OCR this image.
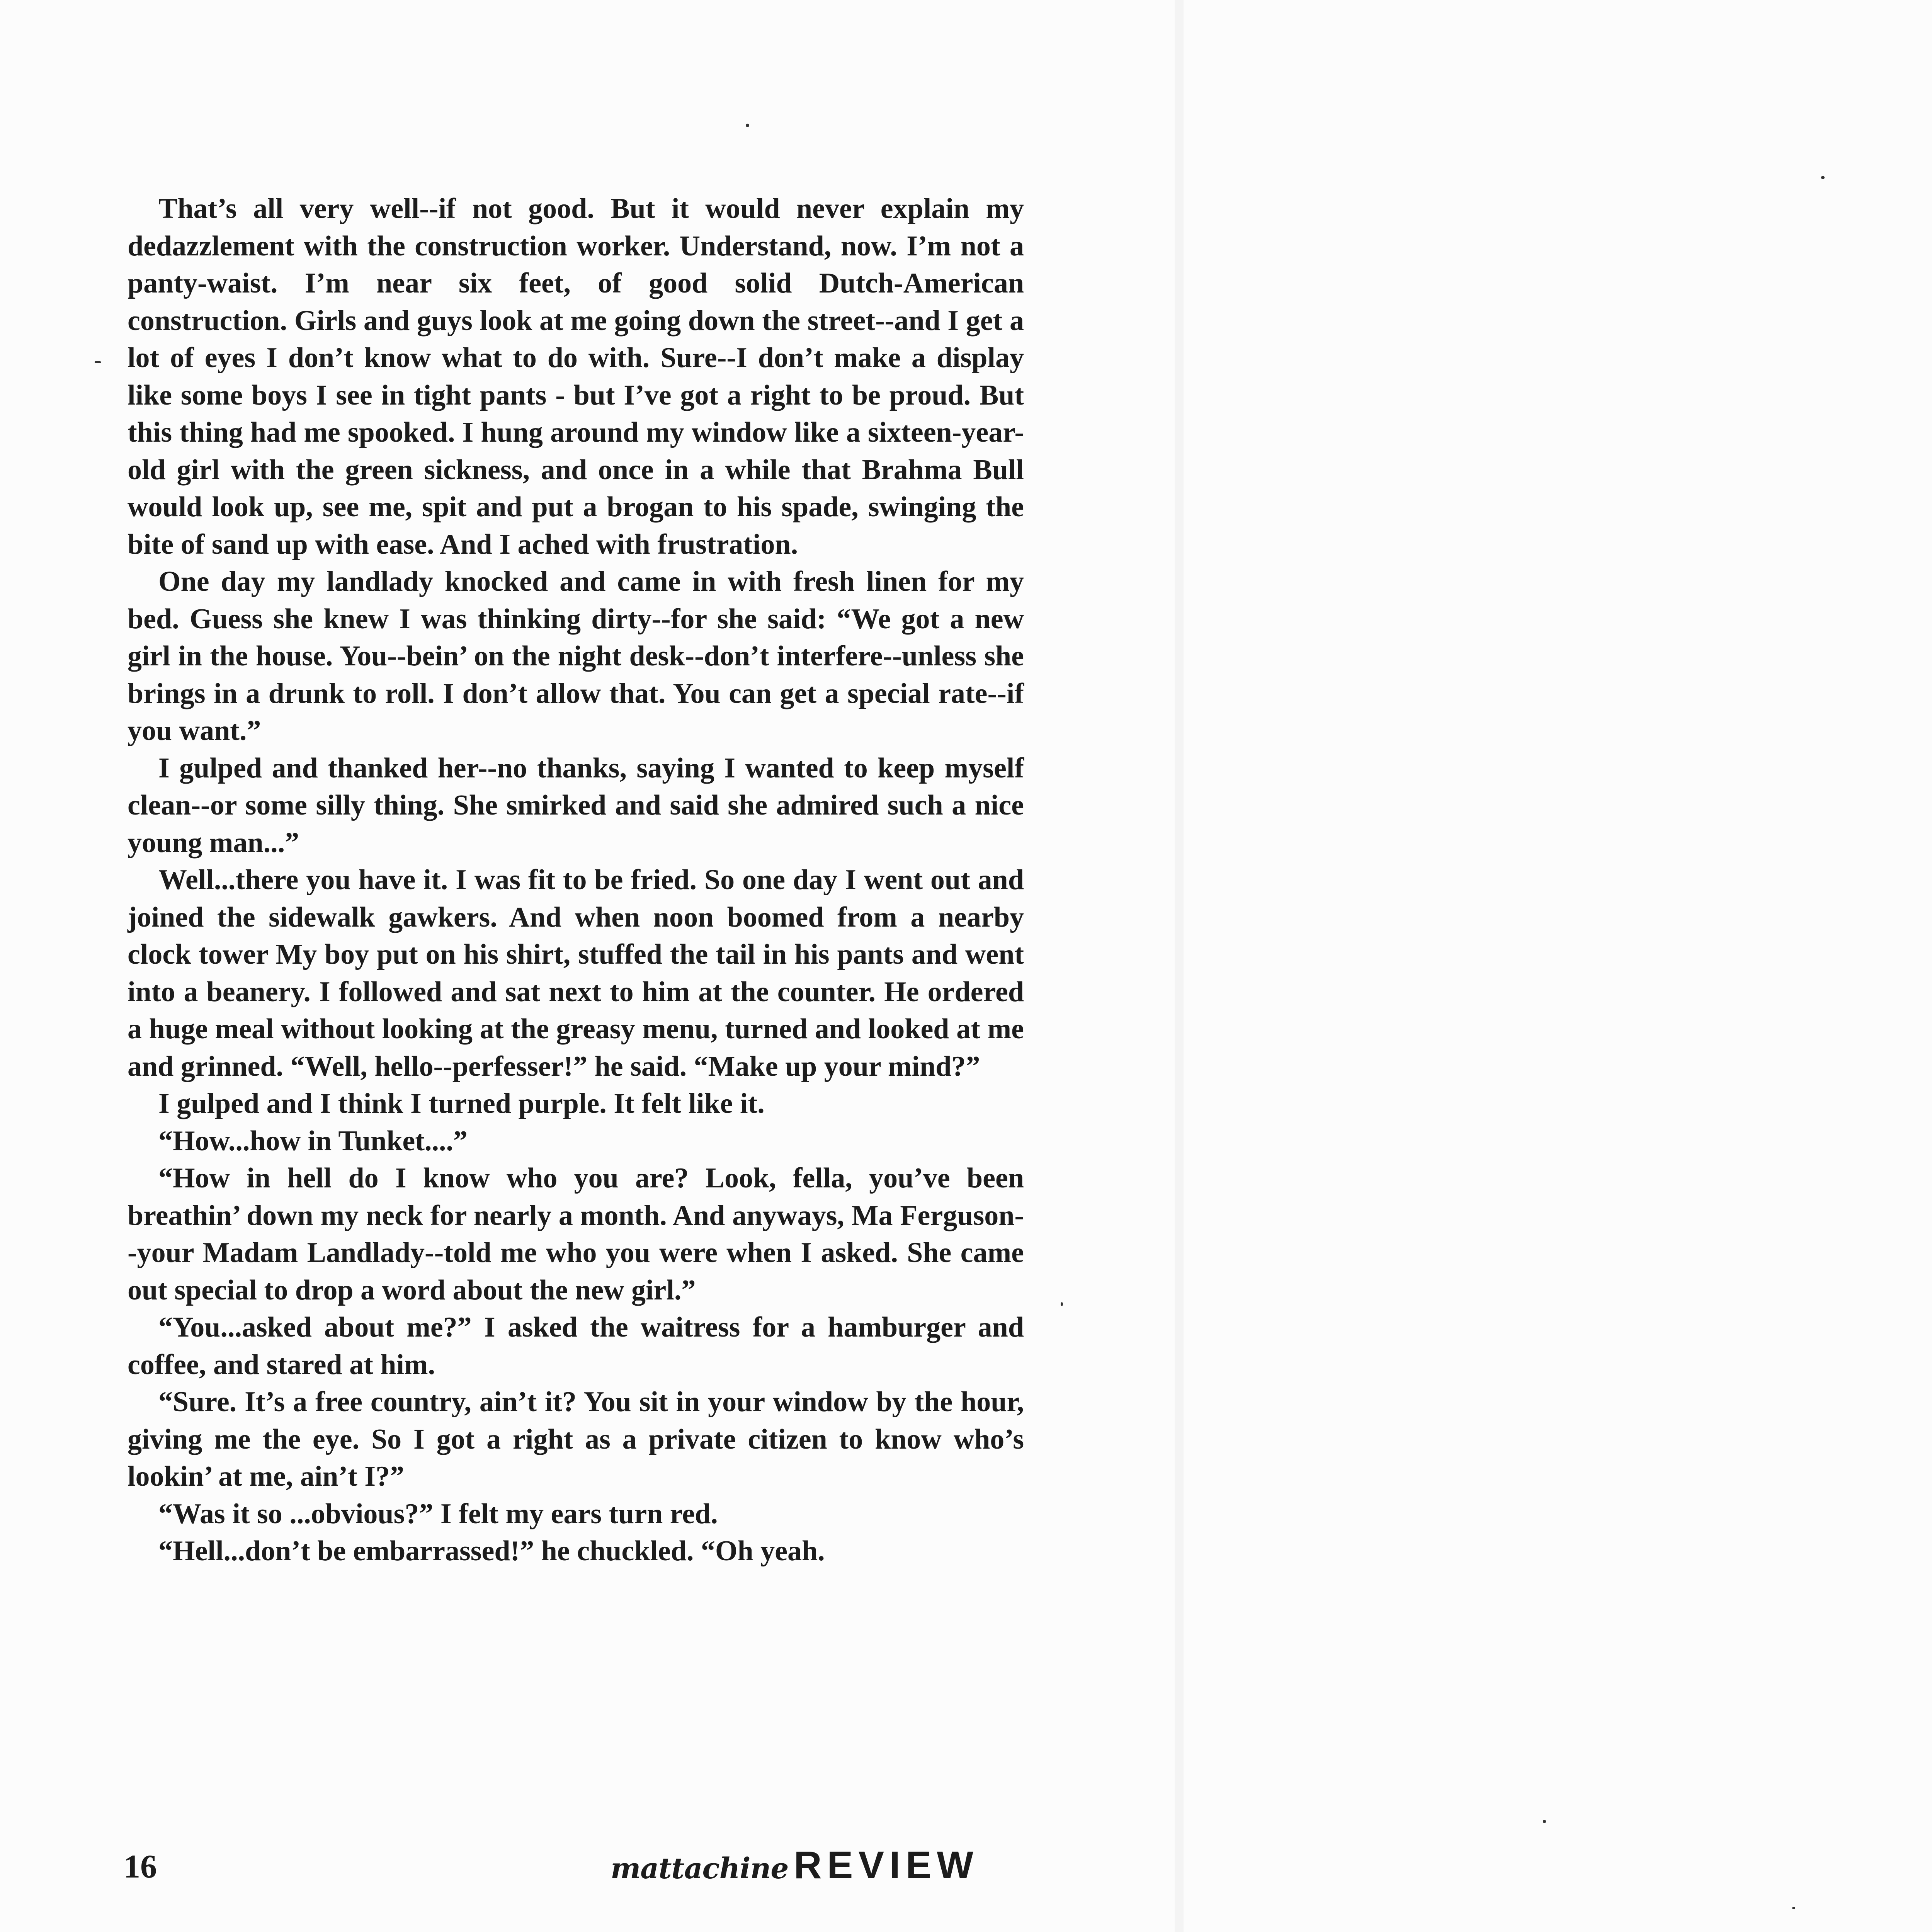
That’s all very well--if not good. But it would never explain my dedazzlement with the construction worker. Understand, now. I’m not a panty-waist. I’m near six feet, of good solid Dutch-American construction. Girls and guys look at me going down the street--and I get a lot of eyes I don’t know what to do with. Sure--I don’t make a display like some boys I see in tight pants - but I’ve got a right to be proud. But this thing had me spooked. I hung around my window like a sixteen-year-old girl with the green sickness, and once in a while that Brahma Bull would look up, see me, spit and put a brogan to his spade, swinging the bite of sand up with ease. And I ached with frustration.

One day my landlady knocked and came in with fresh linen for my bed. Guess she knew I was thinking dirty--for she said: “We got a new girl in the house. You--bein’ on the night desk--don’t interfere--unless she brings in a drunk to roll. I don’t allow that. You can get a special rate--if you want.”

I gulped and thanked her--no thanks, saying I wanted to keep myself clean--or some silly thing. She smirked and said she admired such a nice young man...”

Well...there you have it. I was fit to be fried. So one day I went out and joined the sidewalk gawkers. And when noon boomed from a nearby clock tower My boy put on his shirt, stuffed the tail in his pants and went into a beanery. I followed and sat next to him at the counter. He ordered a huge meal without looking at the greasy menu, turned and looked at me and grinned. “Well, hello--perfesser!” he said. “Make up your mind?”

I gulped and I think I turned purple. It felt like it.

“How...how in Tunket....”

“How in hell do I know who you are? Look, fella, you’ve been breathin’ down my neck for nearly a month. And anyways, Ma Ferguson--your Madam Landlady--told me who you were when I asked. She came out special to drop a word about the new girl.”

“You...asked about me?” I asked the waitress for a hamburger and coffee, and stared at him.

“Sure. It’s a free country, ain’t it? You sit in your window by the hour, giving me the eye. So I got a right as a private citizen to know who’s lookin’ at me, ain’t I?”

“Was it so ...obvious?” I felt my ears turn red.

“Hell...don’t be embarrassed!” he chuckled. “Oh yeah.

16	mattachine REVIEW
